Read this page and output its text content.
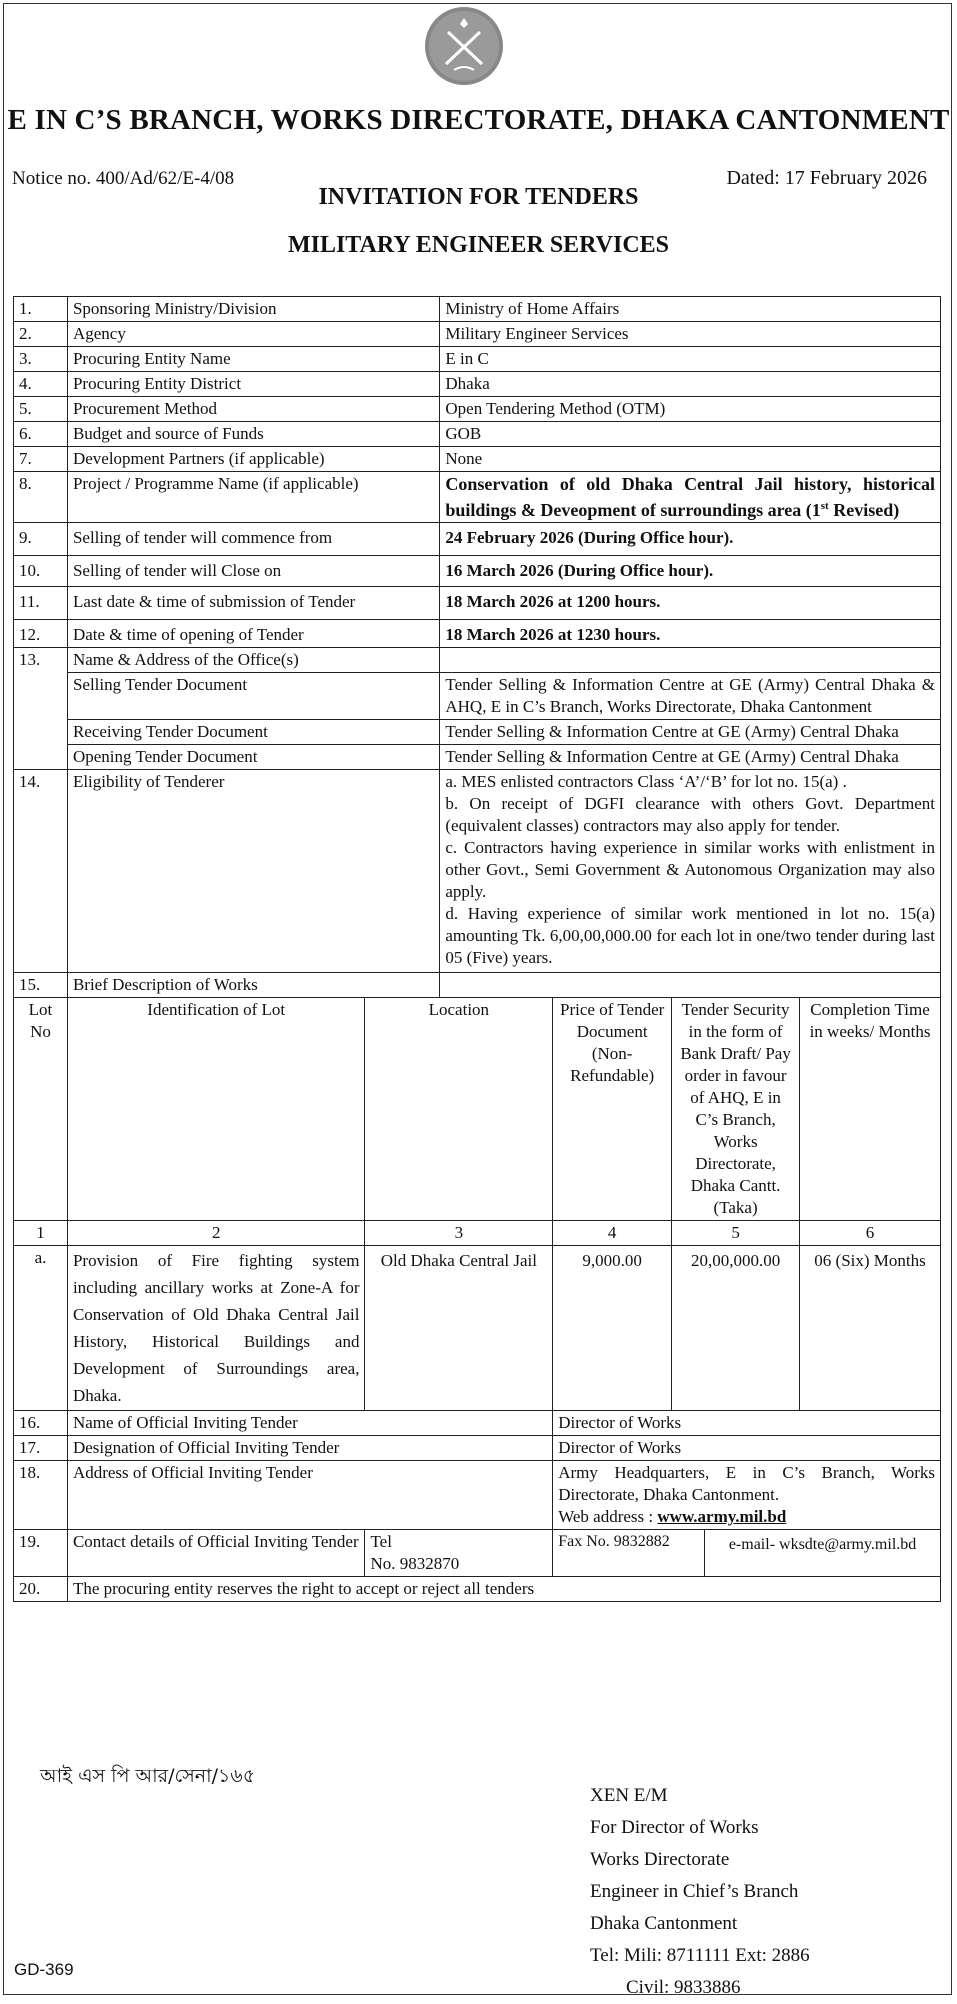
E IN C’S BRANCH, WORKS DIRECTORATE, DHAKA CANTONMENT
Notice no. 400/Ad/62/E-4/08	Dated: 17 February 2026
INVITATION FOR TENDERS
MILITARY ENGINEER SERVICES
1.	Sponsoring Ministry/Division		Ministry of Home Affairs				
2.	Agency		Military Engineer Services				
3.	Procuring Entity Name		E in C				
4.	Procuring Entity District		Dhaka				
5.	Procurement Method		Open Tendering Method (OTM)				
6.	Budget and source of Funds		GOB				
7.	Development Partners (if applicable)		None				
8.	Project / Programme Name (if applicable)		Conservation of old Dhaka Central Jail history, historical buildings & Deveopment of surroundings area (1st Revised)				
9.	Selling of tender will commence from		24 February 2026 (During Office hour).				
10.	Selling of tender will Close on		16 March 2026 (During Office hour).				
11.	Last date & time of submission of Tender		18 March 2026 at 1200 hours.				
12.	Date & time of opening of Tender		18 March 2026 at 1230 hours.				
13.	Name & Address of the Office(s)						
	Selling Tender Document		Tender Selling & Information Centre at GE (Army) Central Dhaka & AHQ, E in C’s Branch, Works Directorate, Dhaka Cantonment				
	Receiving Tender Document		Tender Selling & Information Centre at GE (Army) Central Dhaka				
	Opening Tender Document		Tender Selling & Information Centre at GE (Army) Central Dhaka				
14.	Eligibility of Tenderer		a. MES enlisted contractors Class ‘A’/‘B’ for lot no. 15(a) .
b. On receipt of DGFI clearance with others Govt. Department (equivalent classes) contractors may also apply for tender.
c. Contractors having experience in similar works with enlistment in other Govt., Semi Government & Autonomous Organization may also apply.
d. Having experience of similar work mentioned in lot no. 15(a) amounting Tk. 6,00,00,000.00 for each lot in one/two tender during last 05 (Five) years.				

15.	Brief Description of Works						
Lot No	Identification of Lot	Location		Price of Tender Document (Non-Refundable)	Tender Security in the form of Bank Draft/ Pay order in favour of AHQ, E in C’s Branch, Works Directorate, Dhaka Cantt. (Taka)		Completion Time in weeks/ Months
1	2	3		4	5		6
a.	Provision of Fire fighting system including ancillary works at Zone-A for Conservation of Old Dhaka Central Jail History, Historical Buildings and Development of Surroundings area, Dhaka.	Old Dhaka Central Jail		9,000.00	20,00,000.00		06 (Six) Months
16.	Name of Official Inviting Tender			Director of Works			
17.	Designation of Official Inviting Tender			Director of Works			
18.	Address of Official Inviting Tender			Army Headquarters, E in C’s Branch, Works Directorate, Dhaka Cantonment.
Web address : www.army.mil.bd			

19.	Contact details of Official Inviting Tender	Tel
No. 9832870		Fax No. 9832882		e-mail- wksdte@army.mil.bd	
20.	The procuring entity reserves the right to accept or reject all tenders						
আই এস পি আর/সেনা/১৬৫
XEN E/M
For Director of Works
Works Directorate
Engineer in Chief’s Branch
Dhaka Cantonment
Tel: Mili: 8711111 Ext: 2886
Civil: 9833886
GD-369
